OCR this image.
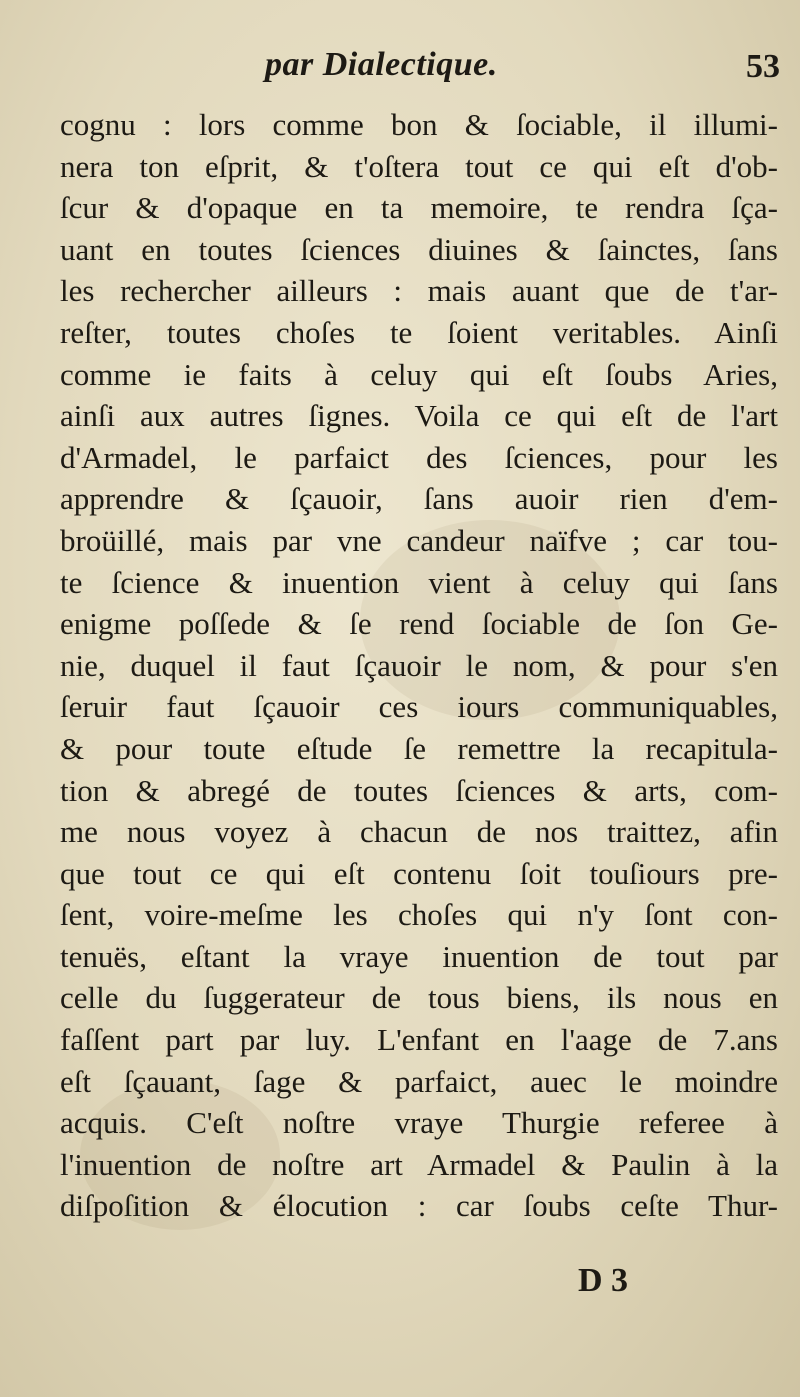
par Dialectique.	53
cognu : lors comme bon & ſociable, il illumi-
nera ton eſprit, & t'oſtera tout ce qui eſt d'ob-
ſcur & d'opaque en ta memoire, te rendra ſça-
uant en toutes ſciences diuines & ſainctes, ſans
les rechercher ailleurs : mais auant que de t'ar-
reſter, toutes choſes te ſoient veritables. Ainſi
comme ie faits à celuy qui eſt ſoubs Aries,
ainſi aux autres ſignes. Voila ce qui eſt de l'art
d'Armadel, le parfaict des ſciences, pour les
apprendre & ſçauoir, ſans auoir rien d'em-
broüillé, mais par vne candeur naïfve ; car tou-
te ſcience & inuention vient à celuy qui ſans
enigme poſſede & ſe rend ſociable de ſon Ge-
nie, duquel il faut ſçauoir le nom, & pour s'en
ſeruir faut ſçauoir ces iours communiquables,
& pour toute eſtude ſe remettre la recapitula-
tion & abregé de toutes ſciences & arts, com-
me nous voyez à chacun de nos traittez, afin
que tout ce qui eſt contenu ſoit touſiours pre-
ſent, voire-meſme les choſes qui n'y ſont con-
tenuës, eſtant la vraye inuention de tout par
celle du ſuggerateur de tous biens, ils nous en
faſſent part par luy. L'enfant en l'aage de 7.ans
eſt ſçauant, ſage & parfaict, auec le moindre
acquis. C'eſt noſtre vraye Thurgie referee à
l'inuention de noſtre art Armadel & Paulin à la
diſpoſition & élocution : car ſoubs ceſte Thur-
D 3
